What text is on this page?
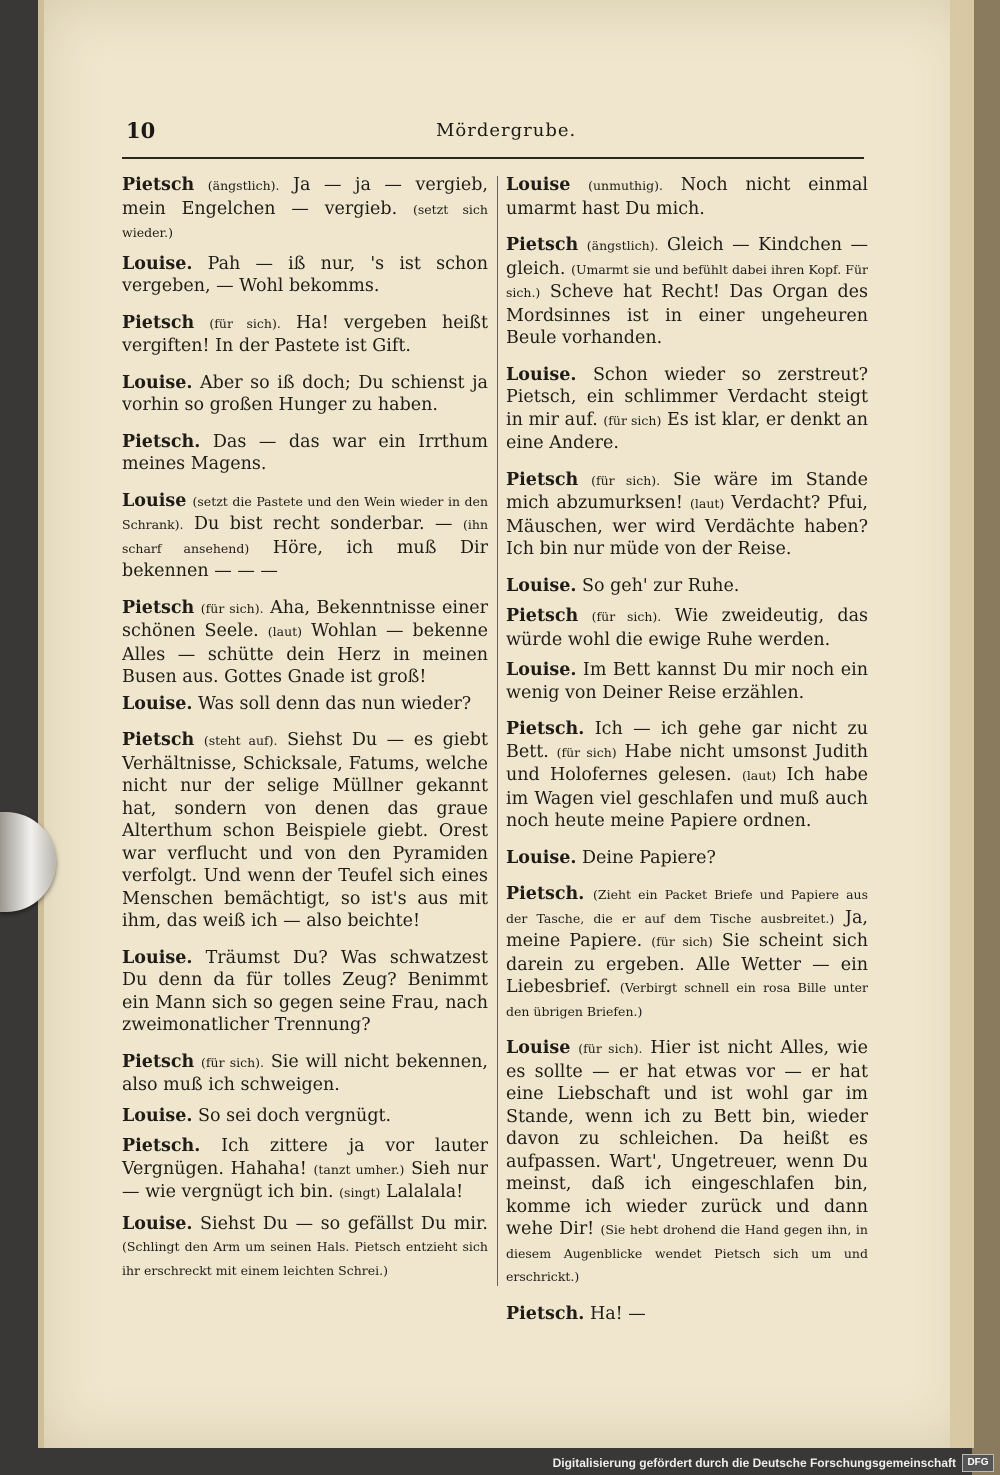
10	Mördergrube.

Pietsch (ängstlich). Ja — ja — vergieb, mein Engelchen — vergieb. (setzt sich wieder.)

Louise. Pah — iß nur, 's ist schon vergeben, — Wohl bekomms.

Pietsch (für sich). Ha! vergeben heißt vergiften! In der Pastete ist Gift.

Louise. Aber so iß doch; Du schienst ja vorhin so großen Hunger zu haben.

Pietsch. Das — das war ein Irrthum meines Magens.

Louise (setzt die Pastete und den Wein wieder in den Schrank). Du bist recht sonderbar. — (ihn scharf ansehend) Höre, ich muß Dir bekennen — — —

Pietsch (für sich). Aha, Bekenntnisse einer schönen Seele. (laut) Wohlan — bekenne Alles — schütte dein Herz in meinen Busen aus. Gottes Gnade ist groß!

Louise. Was soll denn das nun wieder?

Pietsch (steht auf). Siehst Du — es giebt Verhältnisse, Schicksale, Fatums, welche nicht nur der selige Müllner gekannt hat, sondern von denen das graue Alterthum schon Beispiele giebt. Orest war verflucht und von den Pyramiden verfolgt. Und wenn der Teufel sich eines Menschen bemächtigt, so ist's aus mit ihm, das weiß ich — also beichte!

Louise. Träumst Du? Was schwatzest Du denn da für tolles Zeug? Benimmt ein Mann sich so gegen seine Frau, nach zweimonatlicher Trennung?

Pietsch (für sich). Sie will nicht bekennen, also muß ich schweigen.

Louise. So sei doch vergnügt.

Pietsch. Ich zittere ja vor lauter Vergnügen. Hahaha! (tanzt umher.) Sieh nur — wie vergnügt ich bin. (singt) Lalalala!

Louise. Siehst Du — so gefällst Du mir. (Schlingt den Arm um seinen Hals. Pietsch entzieht sich ihr erschreckt mit einem leichten Schrei.)

Louise (unmuthig). Noch nicht einmal umarmt hast Du mich.

Pietsch (ängstlich). Gleich — Kindchen — gleich. (Umarmt sie und befühlt dabei ihren Kopf. Für sich.) Scheve hat Recht! Das Organ des Mordsinnes ist in einer ungeheuren Beule vorhanden.

Louise. Schon wieder so zerstreut? Pietsch, ein schlimmer Verdacht steigt in mir auf. (für sich) Es ist klar, er denkt an eine Andere.

Pietsch (für sich). Sie wäre im Stande mich abzumurksen! (laut) Verdacht? Pfui, Mäuschen, wer wird Verdächte haben? Ich bin nur müde von der Reise.

Louise. So geh' zur Ruhe.

Pietsch (für sich). Wie zweideutig, das würde wohl die ewige Ruhe werden.

Louise. Im Bett kannst Du mir noch ein wenig von Deiner Reise erzählen.

Pietsch. Ich — ich gehe gar nicht zu Bett. (für sich) Habe nicht umsonst Judith und Holofernes gelesen. (laut) Ich habe im Wagen viel geschlafen und muß auch noch heute meine Papiere ordnen.

Louise. Deine Papiere?

Pietsch. (Zieht ein Packet Briefe und Papiere aus der Tasche, die er auf dem Tische ausbreitet.) Ja, meine Papiere. (für sich) Sie scheint sich darein zu ergeben. Alle Wetter — ein Liebesbrief. (Verbirgt schnell ein rosa Bille unter den übrigen Briefen.)

Louise (für sich). Hier ist nicht Alles, wie es sollte — er hat etwas vor — er hat eine Liebschaft und ist wohl gar im Stande, wenn ich zu Bett bin, wieder davon zu schleichen. Da heißt es aufpassen. Wart', Ungetreuer, wenn Du meinst, daß ich eingeschlafen bin, komme ich wieder zurück und dann wehe Dir! (Sie hebt drohend die Hand gegen ihn, in diesem Augenblicke wendet Pietsch sich um und erschrickt.)

Pietsch. Ha! —

Digitalisierung gefördert durch die Deutsche Forschungsgemeinschaft	DFG
